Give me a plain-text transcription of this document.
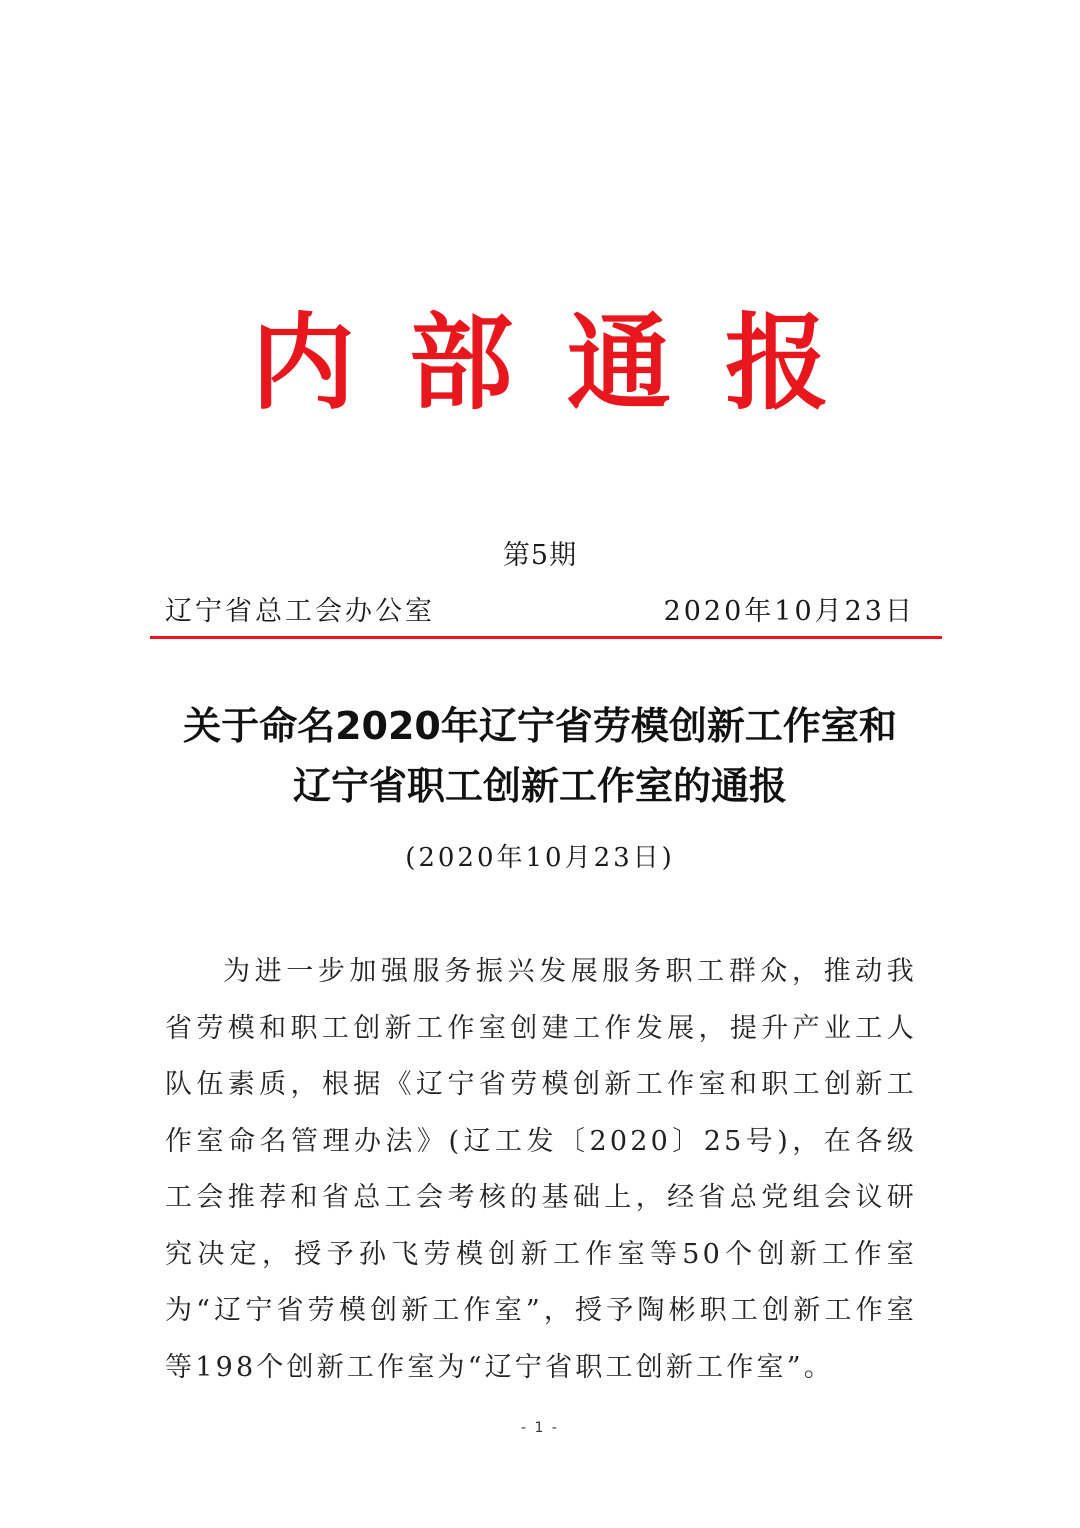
内部通报
第5期
辽宁省总工会办公室	2020年10月23日
关于命名2020年辽宁省劳模创新工作室和
辽宁省职工创新工作室的通报
(2020年10月23日)
为进一步加强服务振兴发展服务职工群众，推动我省劳模和职工创新工作室创建工作发展，提升产业工人队伍素质，根据《辽宁省劳模创新工作室和职工创新工作室命名管理办法》(辽工发〔2020〕25号)，在各级工会推荐和省总工会考核的基础上，经省总党组会议研究决定，授予孙飞劳模创新工作室等50个创新工作室为“辽宁省劳模创新工作室”，授予陶彬职工创新工作室等198个创新工作室为“辽宁省职工创新工作室”。
- 1 -
